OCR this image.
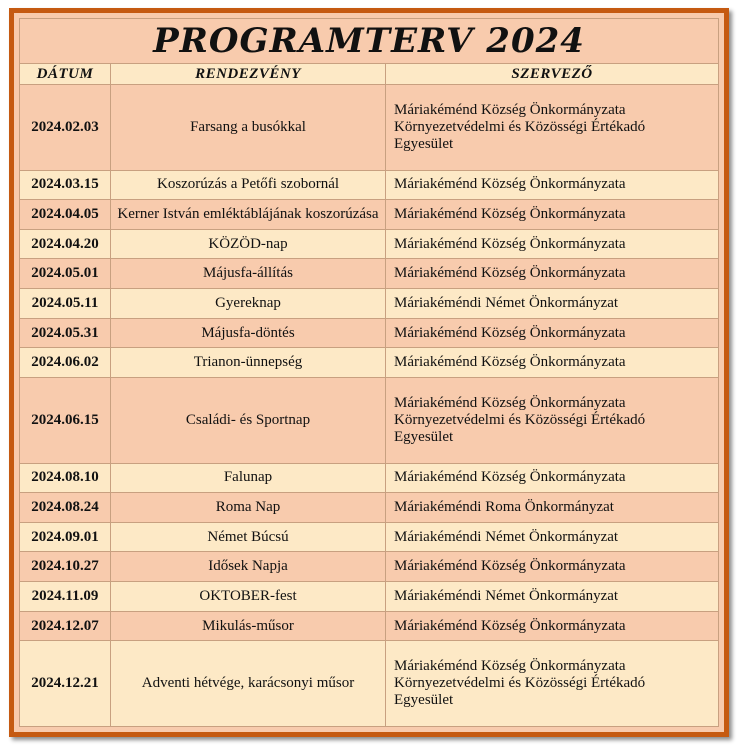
PROGRAMTERV 2024		
DÁTUM	RENDEZVÉNY	SZERVEZŐ
2024.02.03	Farsang a busókkal	Máriakéménd Község Önkormányzata
Környezetvédelmi és Közösségi Értékadó
Egyesület

2024.03.15	Koszorúzás a Petőfi szobornál	Máriakéménd Község Önkormányzata

2024.04.05	Kerner István emléktáblájának koszorúzása	Máriakéménd Község Önkormányzata

2024.04.20	KÖZÖD-nap	Máriakéménd Község Önkormányzata

2024.05.01	Májusfa-állítás	Máriakéménd Község Önkormányzata

2024.05.11	Gyereknap	Máriakéméndi Német Önkormányzat

2024.05.31	Májusfa-döntés	Máriakéménd Község Önkormányzata

2024.06.02	Trianon-ünnepség	Máriakéménd Község Önkormányzata

2024.06.15	Családi- és Sportnap	Máriakéménd Község Önkormányzata
Környezetvédelmi és Közösségi Értékadó
Egyesület

2024.08.10	Falunap	Máriakéménd Község Önkormányzata

2024.08.24	Roma Nap	Máriakéméndi Roma Önkormányzat

2024.09.01	Német Búcsú	Máriakéméndi Német Önkormányzat

2024.10.27	Idősek Napja	Máriakéménd Község Önkormányzata

2024.11.09	OKTOBER-fest	Máriakéméndi Német Önkormányzat

2024.12.07	Mikulás-műsor	Máriakéménd Község Önkormányzata

2024.12.21	Adventi hétvége, karácsonyi műsor	Máriakéménd Község Önkormányzata
Környezetvédelmi és Közösségi Értékadó
Egyesület
